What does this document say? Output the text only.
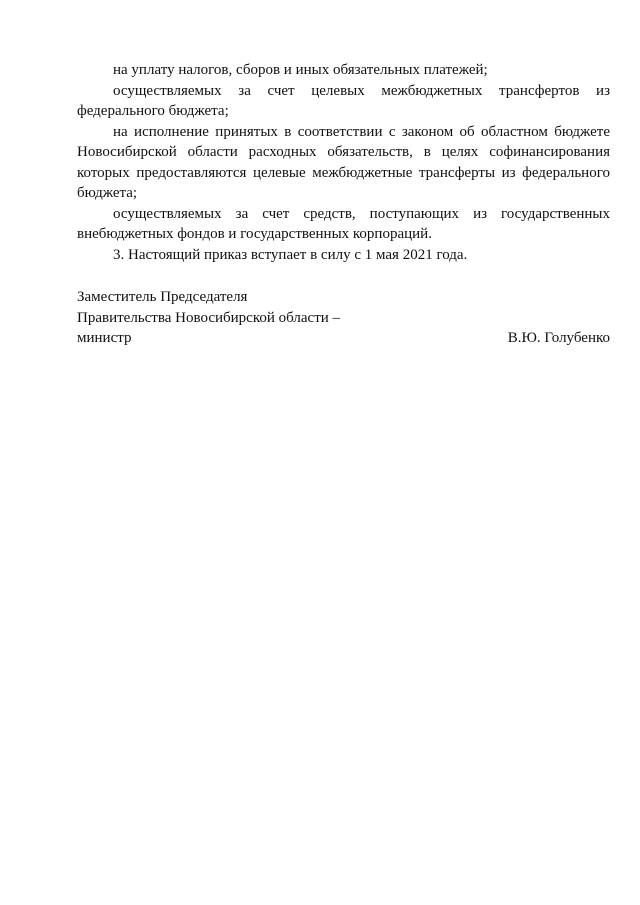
на уплату налогов, сборов и иных обязательных платежей;

осуществляемых за счет целевых межбюджетных трансфертов из федерального бюджета;

на исполнение принятых в соответствии с законом об областном бюджете Новосибирской области расходных обязательств, в целях софинансирования которых предоставляются целевые межбюджетные трансферты из федерального бюджета;

осуществляемых за счет средств, поступающих из государственных внебюджетных фондов и государственных корпораций.

3. Настоящий приказ вступает в силу с 1 мая 2021 года.

Заместитель Председателя

Правительства Новосибирской области –

министр	В.Ю. Голубенко
